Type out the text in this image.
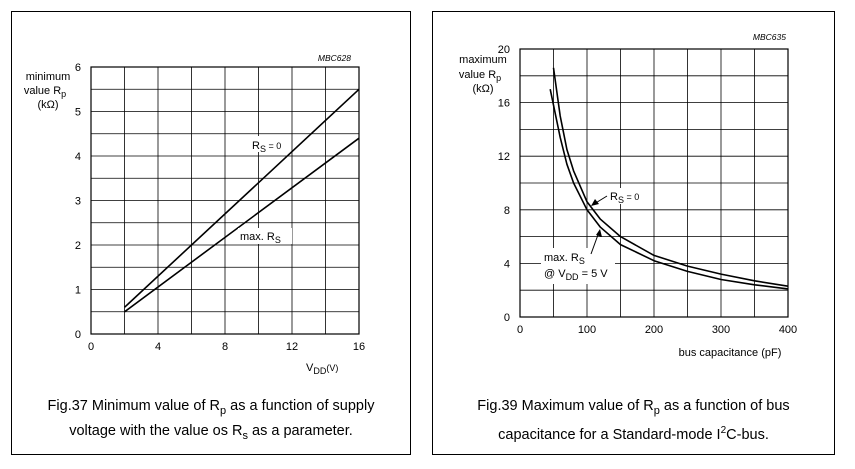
0	4	8	12	16
0
1
2
3
4
5
6
MBC628
minimum
value $R_p$
(kΩ)
$V_{DD}^{(V)}$
$R_S$ $^{= 0}$
max. $R_S$
Fig.37 Minimum value of $R_p$ as a function of supply
voltage with the value os $R_s$ as a parameter.
0	100	200	300	400
0
4
8
12
16
20
MBC635
maximum
value $R_p$
(kΩ)
bus capacitance (pF)
$R_S$ $^{= 0}$
max. $R_S$
@ $V_{DD} = 5$ V
Fig.39 Maximum value of $R_p$ as a function of bus
capacitance for a Standard-mode $I^2C$-bus.
